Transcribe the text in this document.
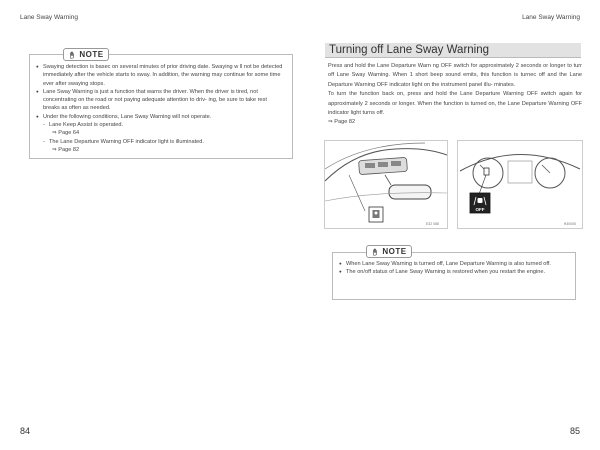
Lane Sway Warning	Lane Sway Warning
● Swaying detection is basec on several minutes of prior driving date. Swaying w ll not be detected immediately after the vehicle starts to sway. In addition, the warning may continue for some time ever after swaying stops.
● Lane Sway Warning is just a function that warns the driver. When the driver is tired, not concentrating on the road or not paying adequate attention to driv- ing, be sure to take rest breaks as often as needed.
● Under the following conditions, Lane Sway Warning will not operate.
- Lane Keep Assist is operated.
⇒ Page 64
- The Lane Departure Warning OFF indicator light is illuminated.
⇒ Page 82
NOTE	Turning off Lane Sway Warning
Press and hold the Lane Departure Warn ng OFF switch for approximately 2 seconds or longer to turr off Lane Sway Warning. When 1 short beep sound emits, this function is turnec off and the Lane Departure Warning OFF indicator light on the instrument panel illu- minates.
To turn the function back on, press and hold the Lane Departure Warning OFF switch again for approximately 2 seconds or longer. When the function is turned on, the Lane Departure Warning OFF indicator light turns off.
⇒ Page 82
E32 088
OFF
H30005
● When Lane Sway Warning is turned off, Lane Departure Warning is also turned off.
● The on/off status of Lane Sway Warning is restored when you restart the engine.
NOTE
84	85
